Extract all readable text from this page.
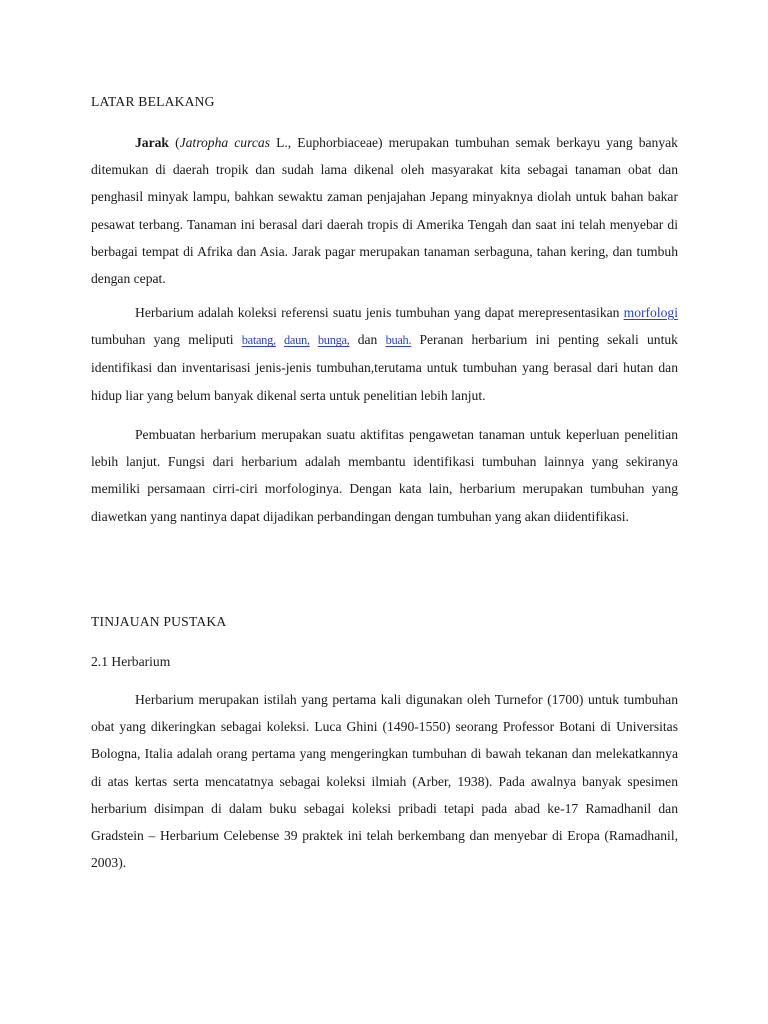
LATAR BELAKANG

Jarak (Jatropha curcas L., Euphorbiaceae) merupakan tumbuhan semak berkayu yang banyak ditemukan di daerah tropik dan sudah lama dikenal oleh masyarakat kita sebagai tanaman obat dan penghasil minyak lampu, bahkan sewaktu zaman penjajahan Jepang minyaknya diolah untuk bahan bakar pesawat terbang. Tanaman ini berasal dari daerah tropis di Amerika Tengah dan saat ini telah menyebar di berbagai tempat di Afrika dan Asia. Jarak pagar merupakan tanaman serbaguna, tahan kering, dan tumbuh dengan cepat.

Herbarium adalah koleksi referensi suatu jenis tumbuhan yang dapat merepresentasikan morfologi tumbuhan yang meliputi batang, daun, bunga, dan buah. Peranan herbarium ini penting sekali untuk identifikasi dan inventarisasi jenis-jenis tumbuhan,terutama untuk tumbuhan yang berasal dari hutan dan hidup liar yang belum banyak dikenal serta untuk penelitian lebih lanjut.

Pembuatan herbarium merupakan suatu aktifitas pengawetan tanaman untuk keperluan penelitian lebih lanjut. Fungsi dari herbarium adalah membantu identifikasi tumbuhan lainnya yang sekiranya memiliki persamaan cirri-ciri morfologinya. Dengan kata lain, herbarium merupakan tumbuhan yang diawetkan yang nantinya dapat dijadikan perbandingan dengan tumbuhan yang akan diidentifikasi.

TINJAUAN PUSTAKA
2.1 Herbarium

Herbarium merupakan istilah yang pertama kali digunakan oleh Turnefor (1700) untuk tumbuhan obat yang dikeringkan sebagai koleksi. Luca Ghini (1490-1550) seorang Professor Botani di Universitas Bologna, Italia adalah orang pertama yang mengeringkan tumbuhan di bawah tekanan dan melekatkannya di atas kertas serta mencatatnya sebagai koleksi ilmiah (Arber, 1938). Pada awalnya banyak spesimen herbarium disimpan di dalam buku sebagai koleksi pribadi tetapi pada abad ke-17 Ramadhanil dan Gradstein – Herbarium Celebense 39 praktek ini telah berkembang dan menyebar di Eropa (Ramadhanil, 2003).
